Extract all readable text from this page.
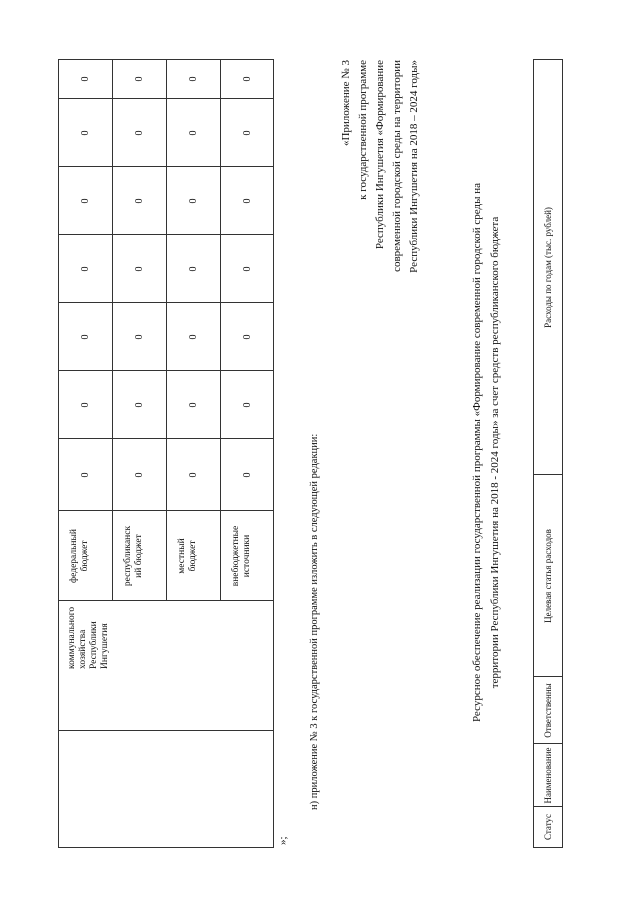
коммунального хозяйства Республики Ингушетия
федеральный бюджет
0
0
0
0
0
0
0
республиканск ий бюджет
0
0
0
0
0
0
0
местный бюджет
0
0
0
0
0
0
0
внебюджетные источники
0
0
0
0
0
0
0
»;
н) приложение № 3 к государственной программе изложить в следующей редакции:
«Приложение № 3 к государственной программе Республики Ингушетия «Формирование современной городской среды на территории Республики Ингушетия на 2018 – 2024 годы»
Ресурсное обеспечение реализации государственной программы «Формирование современной городской среды на территории Республики Ингушетия на 2018 - 2024 годы» за счет средств республиканского бюджета
Статус
Наименование
Ответственны
Целевая статья расходов
Расходы по годам (тыс. рублей)
